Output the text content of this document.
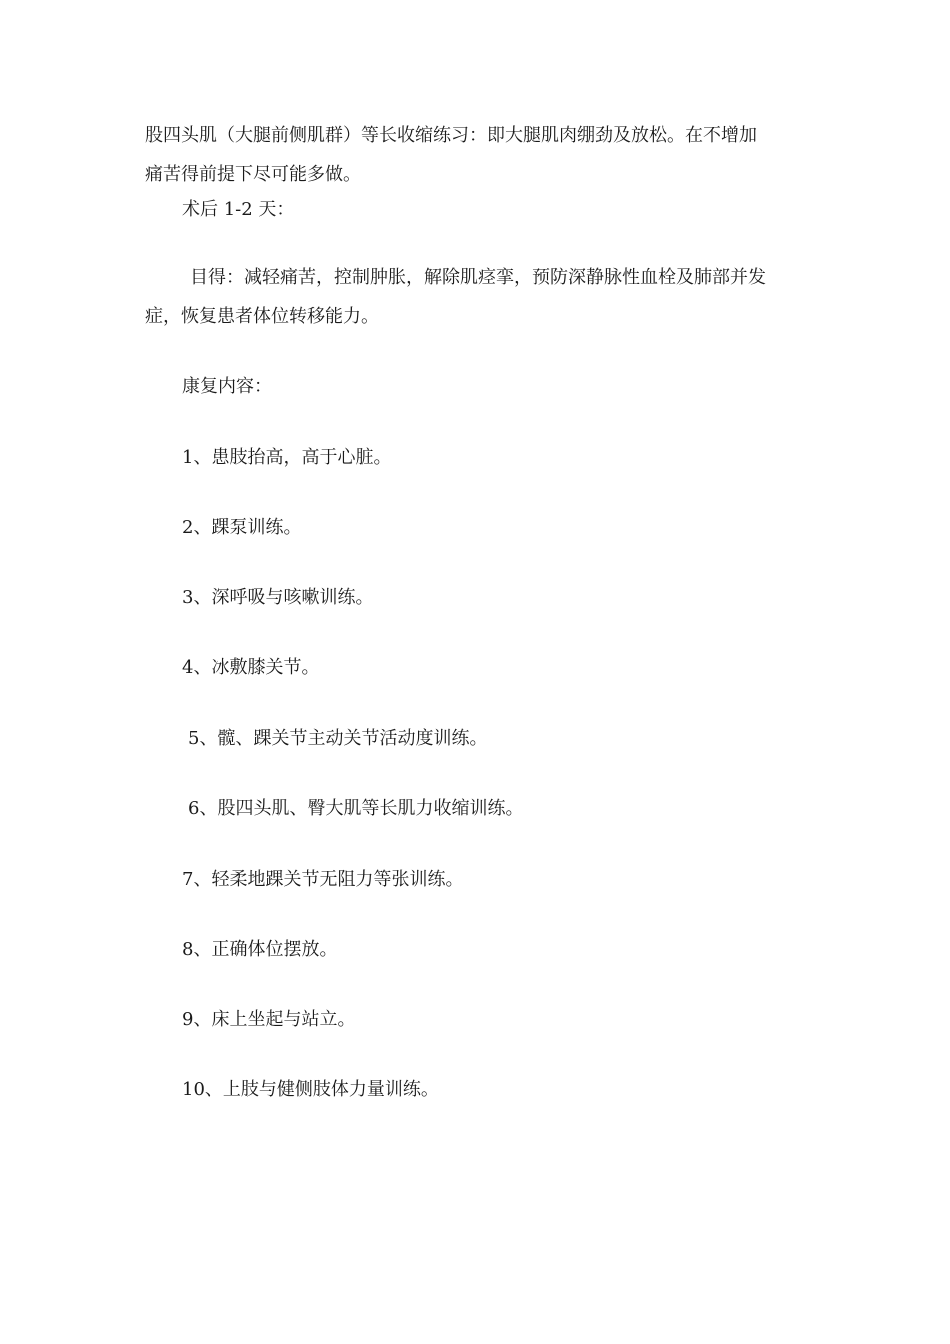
股四头肌（大腿前侧肌群）等长收缩练习：即大腿肌肉绷劲及放松。在不增加

痛苦得前提下尽可能多做。

术后 1-2 天：

目得：减轻痛苦，控制肿胀，解除肌痉挛，预防深静脉性血栓及肺部并发

症，恢复患者体位转移能力。

康复内容：

1、患肢抬高，高于心脏。

2、踝泵训练。

3、深呼吸与咳嗽训练。

4、冰敷膝关节。

5、髋、踝关节主动关节活动度训练。

6、股四头肌、臀大肌等长肌力收缩训练。

7、轻柔地踝关节无阻力等张训练。

8、正确体位摆放。

9、床上坐起与站立。

10、上肢与健侧肢体力量训练。
